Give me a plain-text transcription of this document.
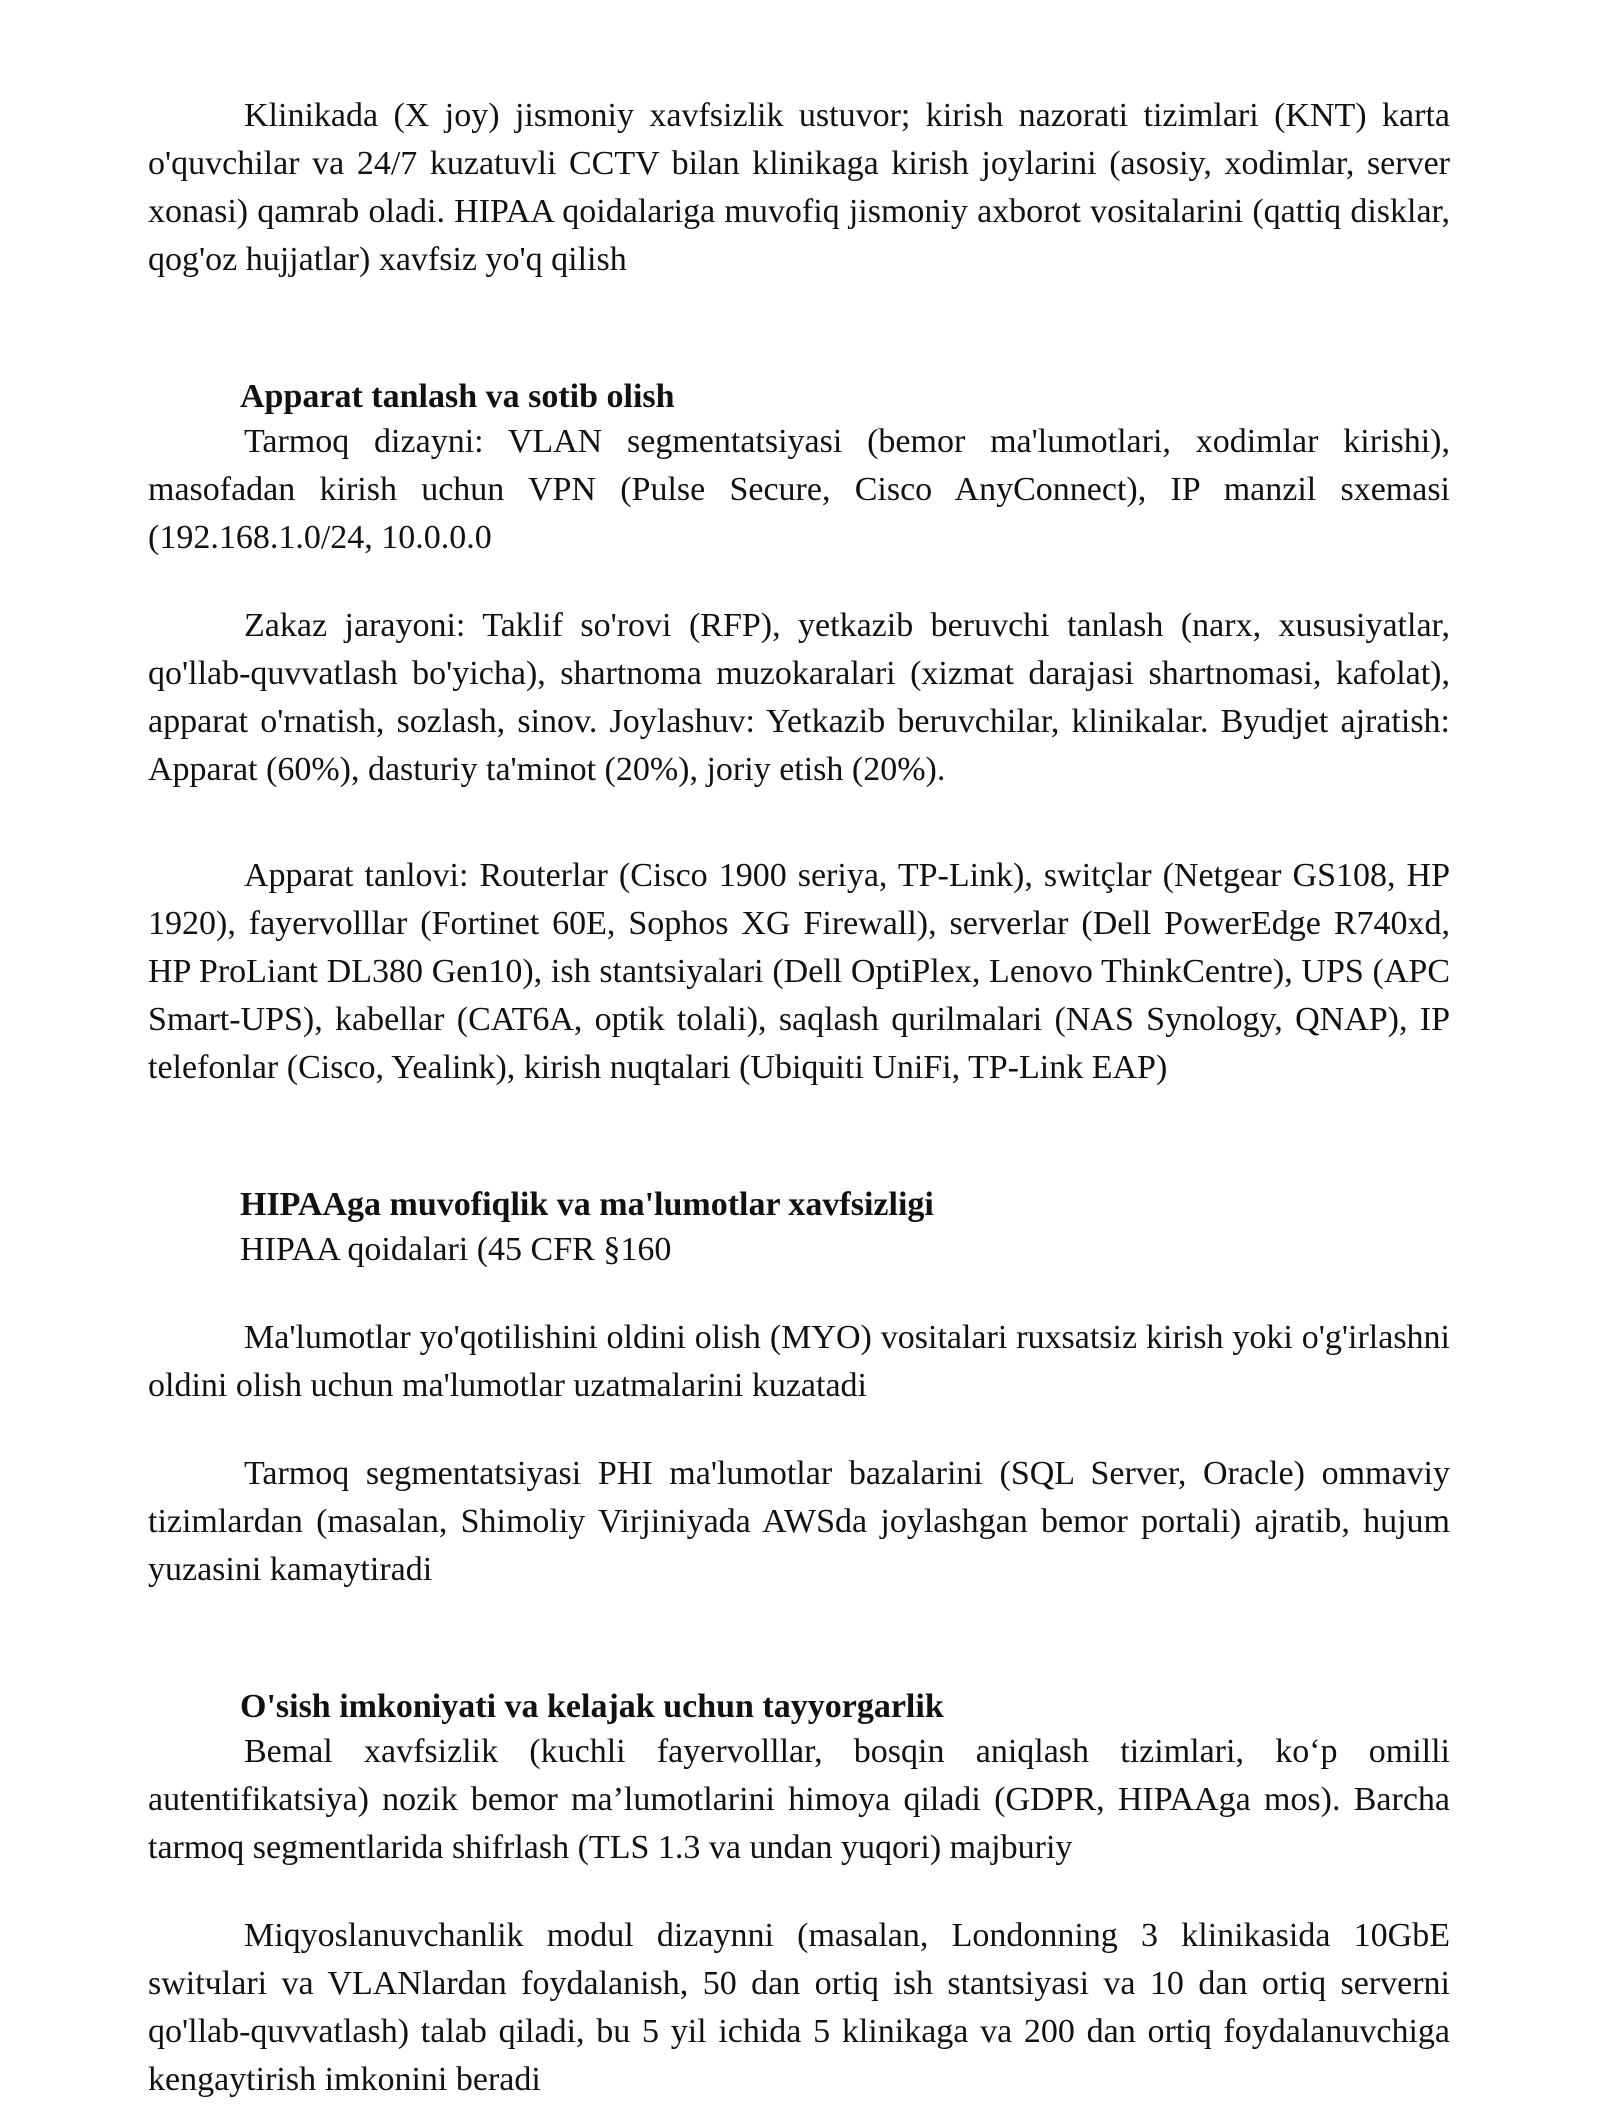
Klinikada (X joy) jismoniy xavfsizlik ustuvor; kirish nazorati tizimlari (KNT) karta o'quvchilar va 24/7 kuzatuvli CCTV bilan klinikaga kirish joylarini (asosiy, xodimlar, server xonasi) qamrab oladi. HIPAA qoidalariga muvofiq jismoniy axborot vositalarini (qattiq disklar, qog'oz hujjatlar) xavfsiz yo'q qilish

Apparat tanlash va sotib olish

Tarmoq dizayni: VLAN segmentatsiyasi (bemor ma'lumotlari, xodimlar kirishi), masofadan kirish uchun VPN (Pulse Secure, Cisco AnyConnect), IP manzil sxemasi (192.168.1.0/24, 10.0.0.0

Zakaz jarayoni: Taklif so'rovi (RFP), yetkazib beruvchi tanlash (narx, xususiyatlar, qo'llab-quvvatlash bo'yicha), shartnoma muzokaralari (xizmat darajasi shartnomasi, kafolat), apparat o'rnatish, sozlash, sinov. Joylashuv: Yetkazib beruvchilar, klinikalar. Byudjet ajratish: Apparat (60%), dasturiy ta'minot (20%), joriy etish (20%).

Apparat tanlovi: Routerlar (Cisco 1900 seriya, TP-Link), switçlar (Netgear GS108, HP 1920), fayervolllar (Fortinet 60E, Sophos XG Firewall), serverlar (Dell PowerEdge R740xd, HP ProLiant DL380 Gen10), ish stantsiyalari (Dell OptiPlex, Lenovo ThinkCentre), UPS (APC Smart-UPS), kabellar (CAT6A, optik tolali), saqlash qurilmalari (NAS Synology, QNAP), IP telefonlar (Cisco, Yealink), kirish nuqtalari (Ubiquiti UniFi, TP-Link EAP)

HIPAAga muvofiqlik va ma'lumotlar xavfsizligi

HIPAA qoidalari (45 CFR §160

Ma'lumotlar yo'qotilishini oldini olish (MYO) vositalari ruxsatsiz kirish yoki o'g'irlashni oldini olish uchun ma'lumotlar uzatmalarini kuzatadi

Tarmoq segmentatsiyasi PHI ma'lumotlar bazalarini (SQL Server, Oracle) ommaviy tizimlardan (masalan, Shimoliy Virjiniyada AWSda joylashgan bemor portali) ajratib, hujum yuzasini kamaytiradi

O'sish imkoniyati va kelajak uchun tayyorgarlik

Bemal xavfsizlik (kuchli fayervolllar, bosqin aniqlash tizimlari, ko‘p omilli autentifikatsiya) nozik bemor ma’lumotlarini himoya qiladi (GDPR, HIPAAga mos). Barcha tarmoq segmentlarida shifrlash (TLS 1.3 va undan yuqori) majburiy

Miqyoslanuvchanlik modul dizaynni (masalan, Londonning 3 klinikasida 10GbE switчlari va VLANlardan foydalanish, 50 dan ortiq ish stantsiyasi va 10 dan ortiq serverni qo'llab-quvvatlash) talab qiladi, bu 5 yil ichida 5 klinikaga va 200 dan ortiq foydalanuvchiga kengaytirish imkonini beradi
